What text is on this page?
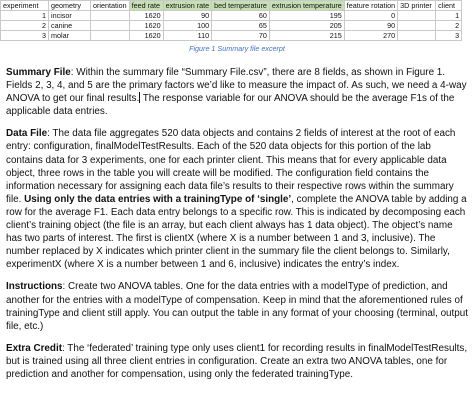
experiment	geometry	orientation	feed rate	extrusion rate	bed temperature	extrusion temperature	feature rotation	3D printer	client
1	incisor		1620	90	60	195	0		1
2	canine		1620	100	65	205	90		2
3	molar		1620	110	70	215	270		3
Figure 1 Summary file excerpt

Summary File: Within the summary file “Summary File.csv”, there are 8 fields, as shown in Figure 1. Fields 2, 3, 4, and 5 are the primary factors we’d like to measure the impact of. As such, we need a 4-way ANOVA to get our final results. The response variable for our ANOVA should be the average F1s of the applicable data entries.

Data File: The data file aggregates 520 data objects and contains 2 fields of interest at the root of each entry: configuration, finalModelTestResults. Each of the 520 data objects for this portion of the lab contains data for 3 experiments, one for each printer client. This means that for every applicable data object, three rows in the table you will create will be modified. The configuration field contains the information necessary for assigning each data file’s results to their respective rows within the summary file. Using only the data entries with a trainingType of ‘single’, complete the ANOVA table by adding a row for the average F1. Each data entry belongs to a specific row. This is indicated by decomposing each client’s training object (the file is an array, but each client always has 1 data object). The object’s name has two parts of interest. The first is clientX (where X is a number between 1 and 3, inclusive). The number replaced by X indicates which printer client in the summary file the client belongs to. Similarly, experimentX (where X is a number between 1 and 6, inclusive) indicates the entry’s index.

Instructions: Create two ANOVA tables. One for the data entries with a modelType of prediction, and another for the entries with a modelType of compensation. Keep in mind that the aforementioned rules of trainingType and client still apply. You can output the table in any format of your choosing (terminal, output file, etc.)

Extra Credit: The ‘federated’ training type only uses client1 for recording results in finalModelTestResults, but is trained using all three client entries in configuration. Create an extra two ANOVA tables, one for prediction and another for compensation, using only the federated trainingType.
